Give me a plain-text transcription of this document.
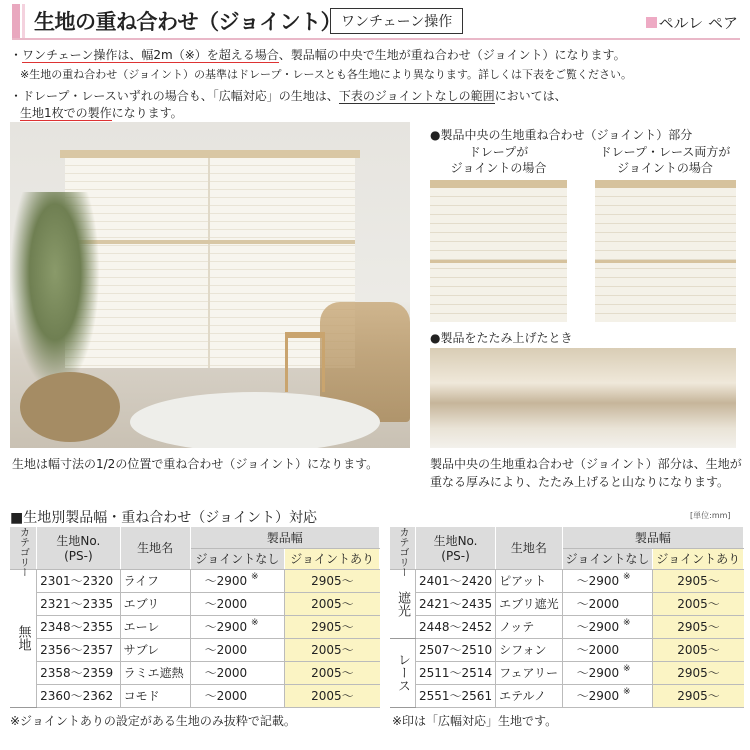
生地の重ね合わせ（ジョイント） ワンチェーン操作	ペルレ ペア
・ワンチェーン操作は、幅2m（※）を超える場合、製品幅の中央で生地が重ね合わせ（ジョイント）になります。
※生地の重ね合わせ（ジョイント）の基準はドレープ・レースとも各生地により異なります。詳しくは下表をご覧ください。
・ドレープ・レースいずれの場合も、「広幅対応」の生地は、下表のジョイントなしの範囲においては、
生地1枚での製作になります。
生地は幅寸法の1/2の位置で重ね合わせ（ジョイント）になります。
●製品中央の生地重ね合わせ（ジョイント）部分
ドレープが
ジョイントの場合
ドレープ・レース両方が
ジョイントの場合
●製品をたたみ上げたとき
製品中央の生地重ね合わせ（ジョイント）部分は、生地が
重なる厚みにより、たたみ上げると山なりになります。
■生地別製品幅・重ね合わせ（ジョイント）対応	[単位:mm]
カテゴリー	生地No.
(PS-)	生地名	製品幅	
			ジョイントなし	ジョイントあり
無地	2301〜2320	ライフ	〜2900 ※	2905〜
	2321〜2335	エブリ	〜2000	2005〜
	2348〜2355	エーレ	〜2900 ※	2905〜
	2356〜2357	サブレ	〜2000	2005〜
	2358〜2359	ラミエ遮熱	〜2000	2005〜
	2360〜2362	コモド	〜2000	2005〜
カテゴリー	生地No.
(PS-)	生地名	製品幅	
			ジョイントなし	ジョイントあり
遮光	2401〜2420	ピアット	〜2900 ※	2905〜
	2421〜2435	エブリ遮光	〜2000	2005〜
	2448〜2452	ノッテ	〜2900 ※	2905〜
レース	2507〜2510	シフォン	〜2000	2005〜
	2511〜2514	フェアリー	〜2900 ※	2905〜
	2551〜2561	エテルノ	〜2900 ※	2905〜
※ジョイントありの設定がある生地のみ抜粋で記載。	※印は「広幅対応」生地です。
